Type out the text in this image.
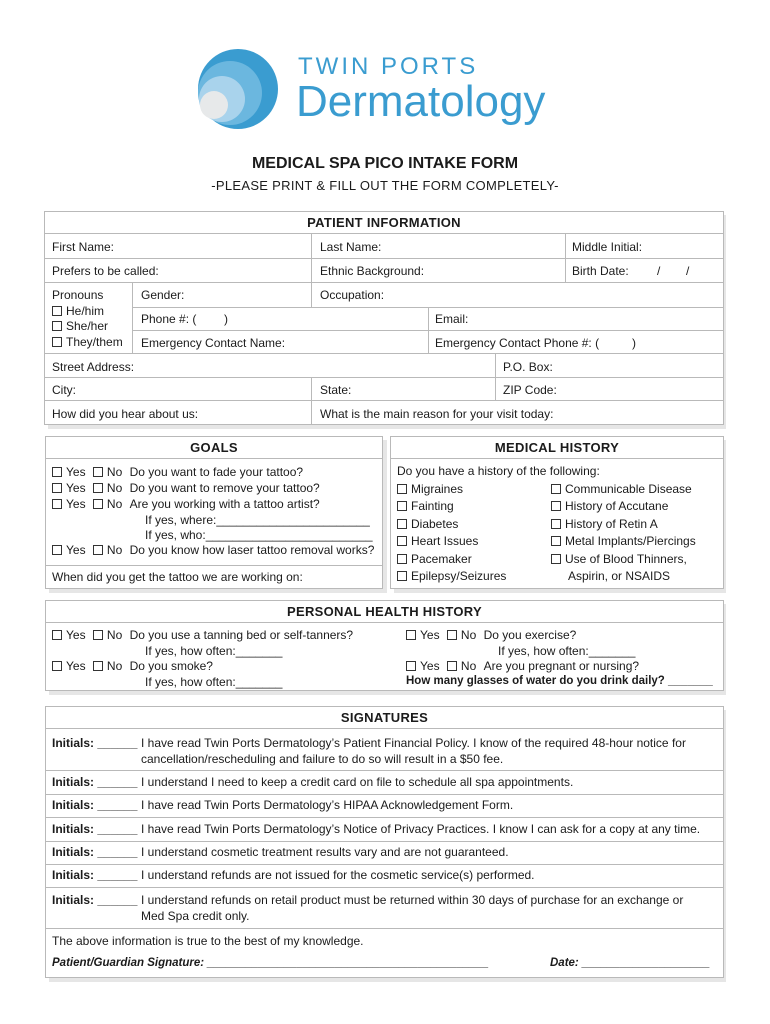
TWIN PORTS
Dermatology
MEDICAL SPA PICO INTAKE FORM
-PLEASE PRINT & FILL OUT THE FORM COMPLETELY-
PATIENT INFORMATION
First Name:	Last Name:	Middle Initial:
Prefers to be called:	Ethnic Background:	Birth Date: / /
Pronouns
He/him
She/her
They/them
Gender:	Occupation:
Phone #: ( )	Email:
Emergency Contact Name:	Emergency Contact Phone #: (	)
Street Address:	P.O. Box:
City:	State:	ZIP Code:
How did you hear about us:	What is the main reason for your visit today:
GOALS
Yes No Do you want to fade your tattoo?
Yes No Do you want to remove your tattoo?
Yes No Are you working with a tattoo artist?
If yes, where:_______________________
If yes, who:_________________________
Yes No Do you know how laser tattoo removal works?
When did you get the tattoo we are working on:
MEDICAL HISTORY
Do you have a history of the following:
Migraines
Fainting
Diabetes
Heart Issues
Pacemaker
Epilepsy/Seizures
Communicable Disease
History of Accutane
History of Retin A
Metal Implants/Piercings
Use of Blood Thinners,
Aspirin, or NSAIDS
PERSONAL HEALTH HISTORY
Yes No Do you use a tanning bed or self-tanners?
If yes, how often:_______
Yes No Do you smoke?
If yes, how often:_______
Yes No Do you exercise?
If yes, how often:_______
Yes No Are you pregnant or nursing?
How many glasses of water do you drink daily? _______
SIGNATURES
Initials: ______ I have read Twin Ports Dermatology’s Patient Financial Policy. I know of the required 48-hour notice for
cancellation/rescheduling and failure to do so will result in a $50 fee.
Initials: ______ I understand I need to keep a credit card on file to schedule all spa appointments.
Initials: ______ I have read Twin Ports Dermatology’s HIPAA Acknowledgement Form.
Initials: ______ I have read Twin Ports Dermatology’s Notice of Privacy Practices. I know I can ask for a copy at any time.
Initials: ______ I understand cosmetic treatment results vary and are not guaranteed.
Initials: ______ I understand refunds are not issued for the cosmetic service(s) performed.
Initials: ______ I understand refunds on retail product must be returned within 30 days of purchase for an exchange or
Med Spa credit only.
The above information is true to the best of my knowledge.
Patient/Guardian Signature: ____________________________________________	Date: ____________________
